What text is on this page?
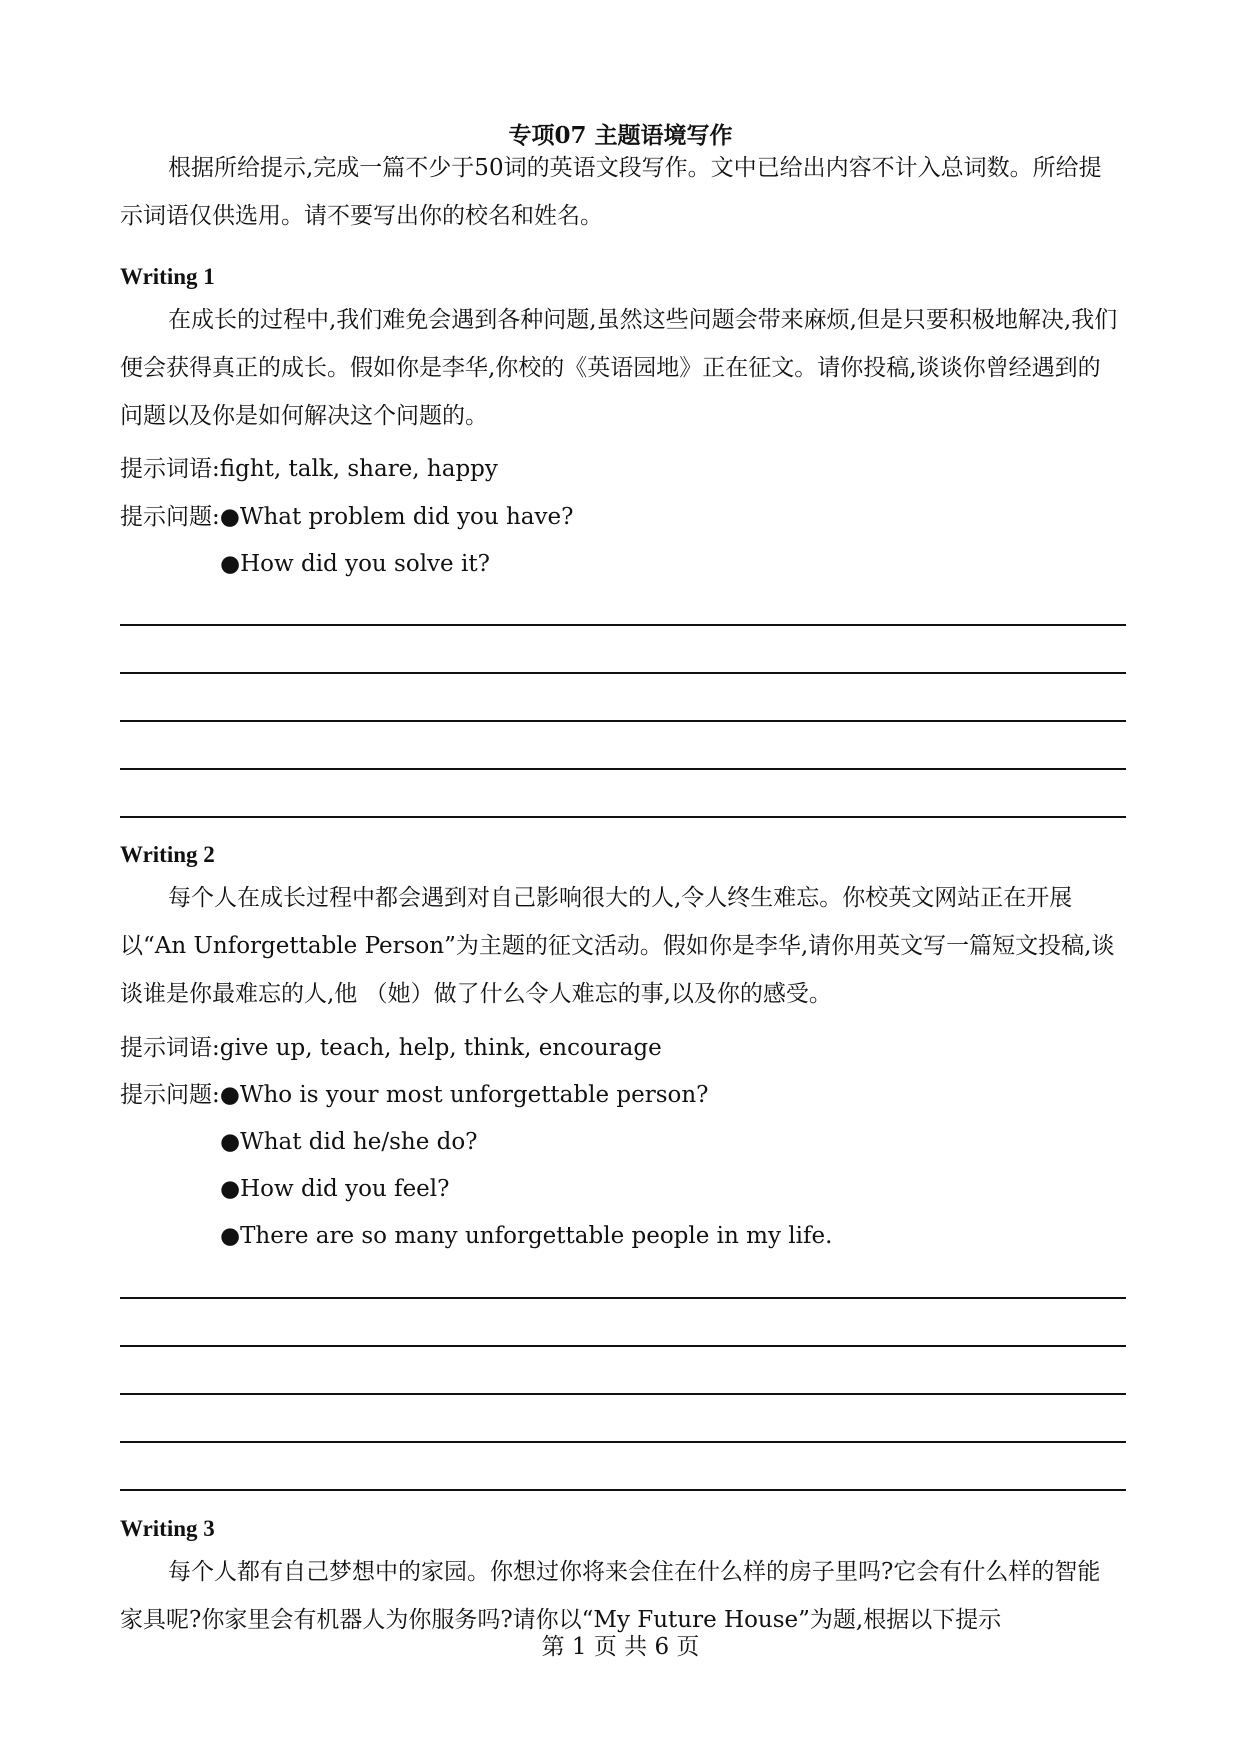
专项07 主题语境写作
根据所给提示,完成一篇不少于50词的英语文段写作。文中已给出内容不计入总词数。所给提示词语仅供选用。请不要写出你的校名和姓名。
Writing 1
在成长的过程中,我们难免会遇到各种问题,虽然这些问题会带来麻烦,但是只要积极地解决,我们便会获得真正的成长。假如你是李华,你校的《英语园地》正在征文。请你投稿,谈谈你曾经遇到的问题以及你是如何解决这个问题的。
提示词语:fight, talk, share, happy
提示问题:●What problem did you have?
●How did you solve it?
Writing 2
每个人在成长过程中都会遇到对自己影响很大的人,令人终生难忘。你校英文网站正在开展以“An Unforgettable Person”为主题的征文活动。假如你是李华,请你用英文写一篇短文投稿,谈谈谁是你最难忘的人,他 （她）做了什么令人难忘的事,以及你的感受。
提示词语:give up, teach, help, think, encourage
提示问题:●Who is your most unforgettable person?
●What did he/she do?
●How did you feel?
●There are so many unforgettable people in my life.
Writing 3
每个人都有自己梦想中的家园。你想过你将来会住在什么样的房子里吗?它会有什么样的智能家具呢?你家里会有机器人为你服务吗?请你以“My Future House”为题,根据以下提示
第 1 页 共 6 页
